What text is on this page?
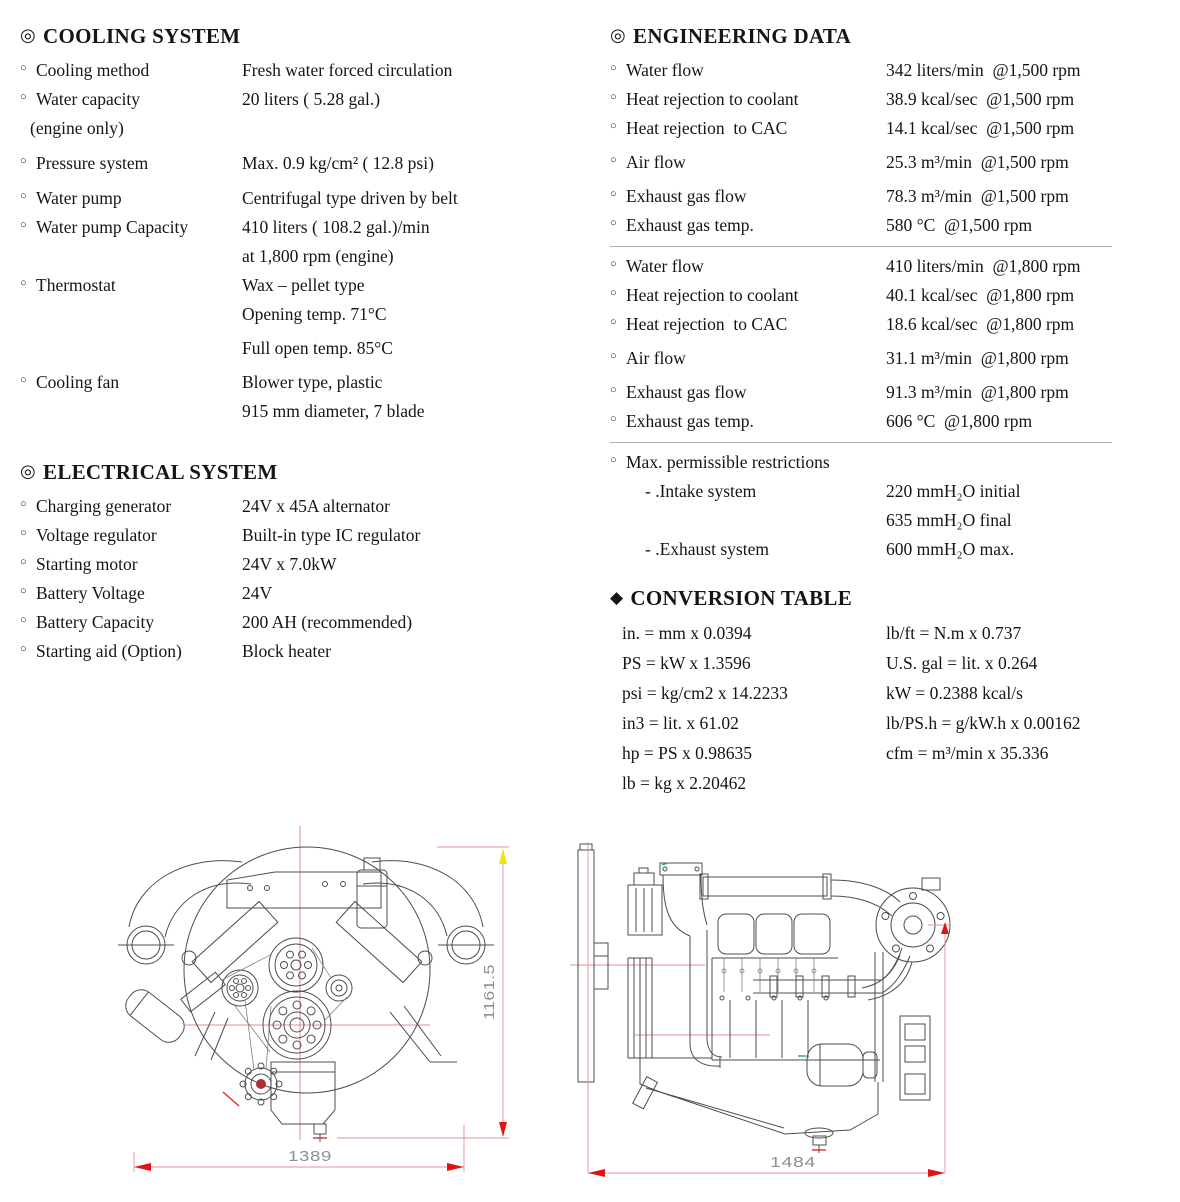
◎ COOLING SYSTEM
○ Cooling method	Fresh water forced circulation
○ Water capacity	20 liters ( 5.28 gal.)
(engine only)
○ Pressure system	Max. 0.9 kg/cm² ( 12.8 psi)
○ Water pump	Centrifugal type driven by belt
○ Water pump Capacity	410 liters ( 108.2 gal.)/min
at 1,800 rpm (engine)
○ Thermostat	Wax – pellet type
Opening temp. 71°C
Full open temp. 85°C
○ Cooling fan	Blower type, plastic
915 mm diameter, 7 blade
◎ ELECTRICAL SYSTEM
○ Charging generator	24V x 45A alternator
○ Voltage regulator	Built-in type IC regulator
○ Starting motor	24V x 7.0kW
○ Battery Voltage	24V
○ Battery Capacity	200 AH (recommended)
○ Starting aid (Option)	Block heater
◎ ENGINEERING DATA
○ Water flow	342 liters/min  @1,500 rpm
○ Heat rejection to coolant	38.9 kcal/sec  @1,500 rpm
○ Heat rejection  to CAC	14.1 kcal/sec  @1,500 rpm
○ Air flow	25.3 m³/min  @1,500 rpm
○ Exhaust gas flow	78.3 m³/min  @1,500 rpm
○ Exhaust gas temp.	580 °C  @1,500 rpm
○ Water flow	410 liters/min  @1,800 rpm
○ Heat rejection to coolant	40.1 kcal/sec  @1,800 rpm
○ Heat rejection  to CAC	18.6 kcal/sec  @1,800 rpm
○ Air flow	31.1 m³/min  @1,800 rpm
○ Exhaust gas flow	91.3 m³/min  @1,800 rpm
○ Exhaust gas temp.	606 °C  @1,800 rpm
○ Max. permissible restrictions
- .Intake system	220 mmH₂O initial
635 mmH₂O final
- .Exhaust system	600 mmH₂O max.
◆ CONVERSION TABLE
in. = mm x 0.0394	lb/ft = N.m x 0.737
PS = kW x 1.3596	U.S. gal = lit. x 0.264
psi = kg/cm2 x 14.2233	kW = 0.2388 kcal/s
in3 = lit. x 61.02	lb/PS.h = g/kW.h x 0.00162
hp = PS x 0.98635	cfm = m³/min x 35.336
lb = kg x 2.20462
1161.5
1389	1484
